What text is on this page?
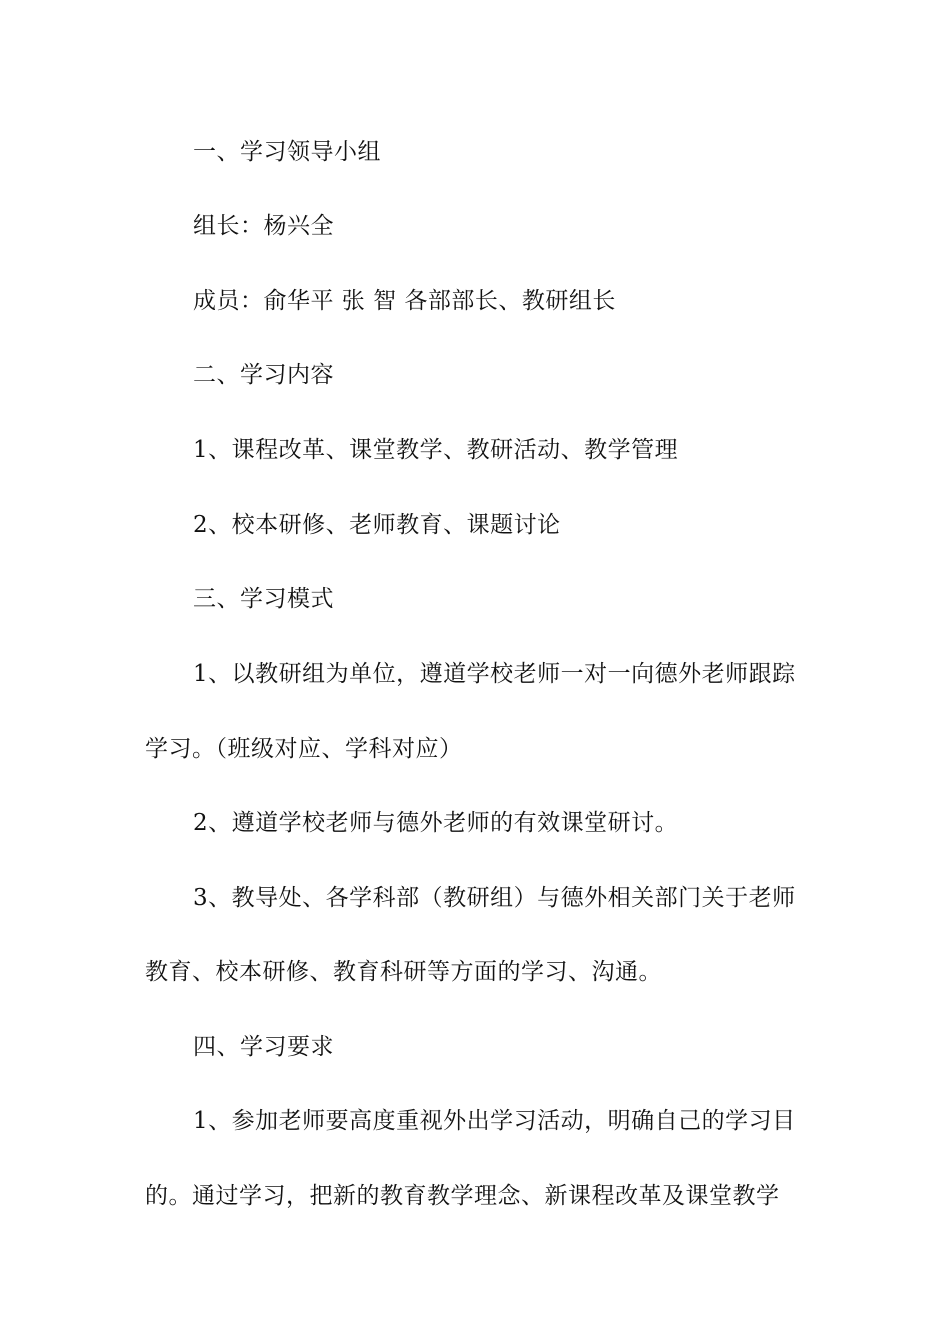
一、学习领导小组
组长：杨兴全
成员：俞华平 张 智 各部部长、教研组长
二、学习内容
1、课程改革、课堂教学、教研活动、教学管理
2、校本研修、老师教育、课题讨论
三、学习模式
1、以教研组为单位，遵道学校老师一对一向德外老师跟踪
学习。（班级对应、学科对应）
2、遵道学校老师与德外老师的有效课堂研讨。
3、教导处、各学科部（教研组）与德外相关部门关于老师
教育、校本研修、教育科研等方面的学习、沟通。
四、学习要求
1、参加老师要高度重视外出学习活动，明确自己的学习目
的。通过学习，把新的教育教学理念、新课程改革及课堂教学
